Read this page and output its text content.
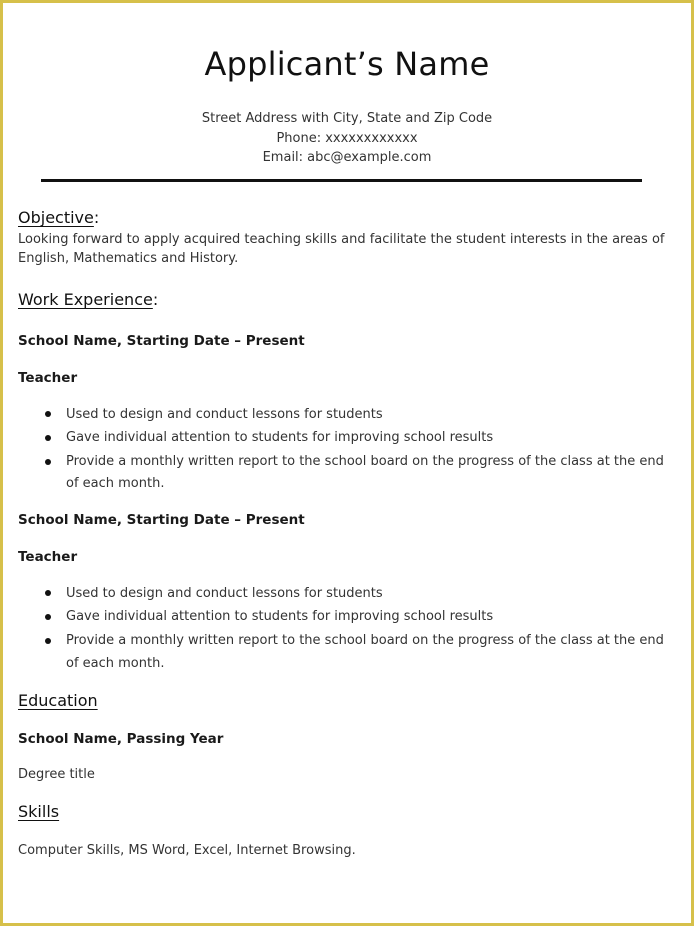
Applicant’s Name
Street Address with City, State and Zip Code
Phone: xxxxxxxxxxxx
Email: abc@example.com
Objective:
Looking forward to apply acquired teaching skills and facilitate the student interests in the areas of
English, Mathematics and History.
Work Experience:
School Name, Starting Date – Present
Teacher
Used to design and conduct lessons for students
Gave individual attention to students for improving school results
Provide a monthly written report to the school board on the progress of the class at the end
of each month.
School Name, Starting Date – Present
Teacher
Used to design and conduct lessons for students
Gave individual attention to students for improving school results
Provide a monthly written report to the school board on the progress of the class at the end
of each month.
Education
School Name, Passing Year
Degree title
Skills
Computer Skills, MS Word, Excel, Internet Browsing.
